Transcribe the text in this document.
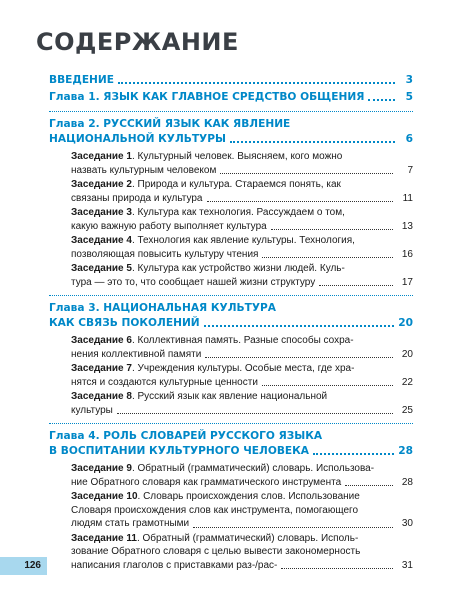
СОДЕРЖАНИЕ
ВВЕДЕНИЕ	3
Глава 1. ЯЗЫК КАК ГЛАВНОЕ СРЕДСТВО ОБЩЕНИЯ	5
Глава 2. РУССКИЙ ЯЗЫК КАК ЯВЛЕНИЕ
НАЦИОНАЛЬНОЙ КУЛЬТУРЫ	6
Заседание 1 . Культурный человек. Выясняем, кого можно
назвать культурным человеком	7
Заседание 2 . Природа и культура. Стараемся понять, как
связаны природа и культура	11
Заседание 3 . Культура как технология. Рассуждаем о том,
какую важную работу выполняет культура	13
Заседание 4 . Технология как явление культуры. Технология,
позволяющая повысить культуру чтения	16
Заседание 5 . Культура как устройство жизни людей. Куль-
тура — это то, что сообщает нашей жизни структуру	17
Глава 3. НАЦИОНАЛЬНАЯ КУЛЬТУРА
КАК СВЯЗЬ ПОКОЛЕНИЙ	20
Заседание 6 . Коллективная память. Разные способы сохра-
нения коллективной памяти	20
Заседание 7 . Учреждения культуры. Особые места, где хра-
нятся и создаются культурные ценности	22
Заседание 8 . Русский язык как явление национальной
культуры	25
Глава 4. РОЛЬ СЛОВАРЕЙ РУССКОГО ЯЗЫКА
В ВОСПИТАНИИ КУЛЬТУРНОГО ЧЕЛОВЕКА	28
Заседание 9 . Обратный (грамматический) словарь. Использова-
ние Обратного словаря как грамматического инструмента	28
Заседание 10 . Словарь происхождения слов. Использование
Словаря происхождения слов как инструмента, помогающего
людям стать грамотными	30
Заседание 11 . Обратный (грамматический) словарь. Исполь-
зование Обратного словаря с целью вывести закономерность
написания глаголов с приставками раз-/рас-	31
126
